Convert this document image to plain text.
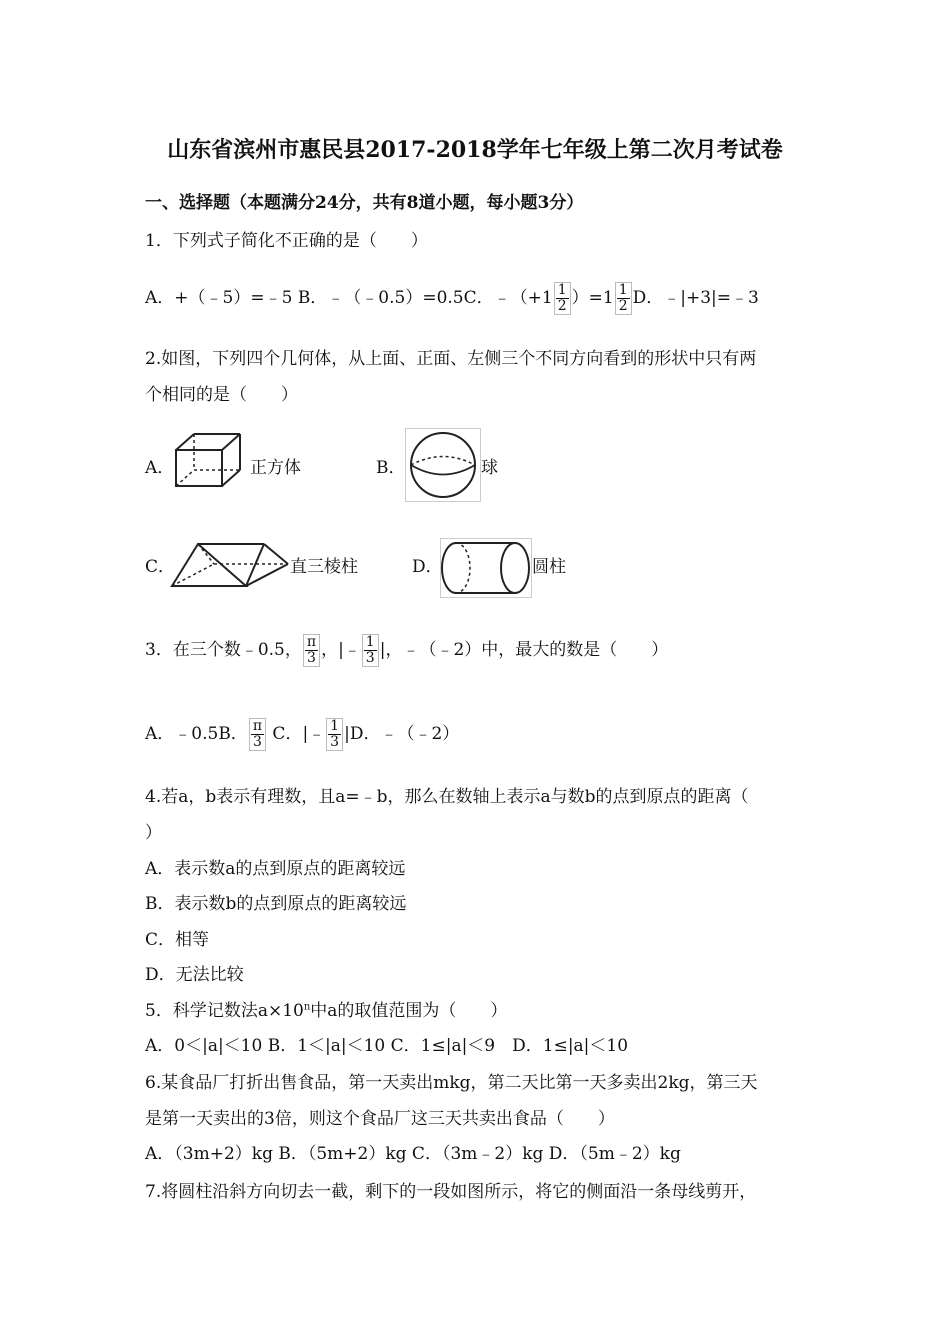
山东省滨州市惠民县2017-2018学年七年级上第二次月考试卷
一、选择题（本题满分24分，共有8道小题，每小题3分）
1．下列式子简化不正确的是（　　）
A．+（﹣5）=﹣5 B．﹣（﹣0.5）=0.5C．﹣（+1 $\frac{1}{2} )=1 \frac{1}{2}$ D．﹣|+3|=﹣3
2.如图，下列四个几何体，从上面、正面、左侧三个不同方向看到的形状中只有两
个相同的是（　　）
A．	正方体	B．	球
C．	直三棱柱	D．	圆柱
3．在三个数﹣0.5， $\frac{\pi}{3}$ ，|﹣ $\frac{1}{3}$ |，﹣（﹣2）中，最大的数是（　　）
A．﹣0.5B． $\frac{\pi}{3}$ C．|﹣ $\frac{1}{3} |D$．﹣（﹣2）
4.若a，b表示有理数，且a=﹣b，那么在数轴上表示a与数b的点到原点的距离（
）
A．表示数a的点到原点的距离较远
B．表示数b的点到原点的距离较远
C．相等
D．无法比较
5．科学记数法$a\times 10^n$中a的取值范围为（　　）
A．0＜|a|＜10 B．1＜|a|＜10 C．1≤|a|＜9　D．1≤|a|＜10
6.某食品厂打折出售食品，第一天卖出mkg，第二天比第一天多卖出2kg，第三天
是第一天卖出的3倍，则这个食品厂这三天共卖出食品（　　）
A．（3m+2）kg B．（5m+2）kg C．（3m﹣2）kg D．（5m﹣2）kg
7.将圆柱沿斜方向切去一截，剩下的一段如图所示，将它的侧面沿一条母线剪开，
